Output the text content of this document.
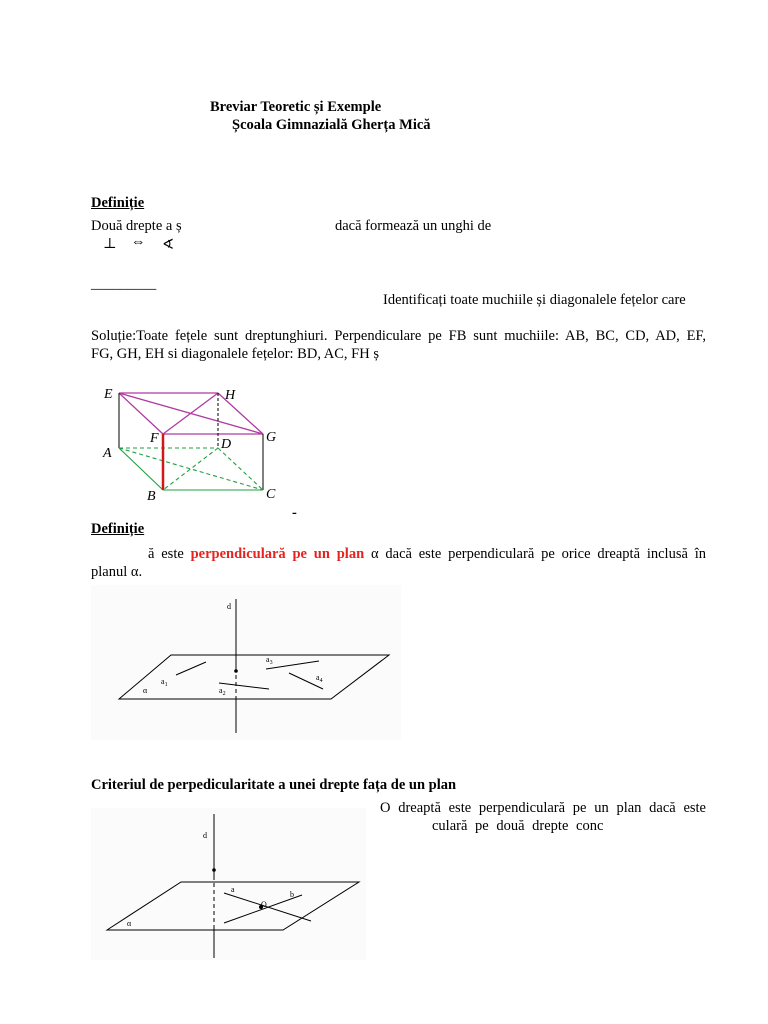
Breviar Teoretic și Exemple
Școala Gimnazială Gherța Mică
Definiție
Două drepte a ș	dacă formează un unghi de
⊥ ⇔ ∢
_________
Identificați toate muchiile și diagonalele fețelor care
Soluție:Toate fețele sunt dreptunghiuri. Perpendiculare pe FB sunt muchiile: AB, BC, CD, AD, EF,
FG, GH, EH si diagonalele fețelor: BD, AC, FH ș
E	H
F	D G
A
B	C
-
Definiție
ă este perpendiculară pe un plan α dacă este perpendiculară pe orice dreaptă inclusă în
planul α.
d
$a_1$
$a_2$
$a_3$
$a_4$
α
Criteriul de perpedicularitate a unei drepte fața de un plan
O dreaptă este perpendiculară pe un plan dacă este
culară pe două drepte conc
d
a
b
O
α
